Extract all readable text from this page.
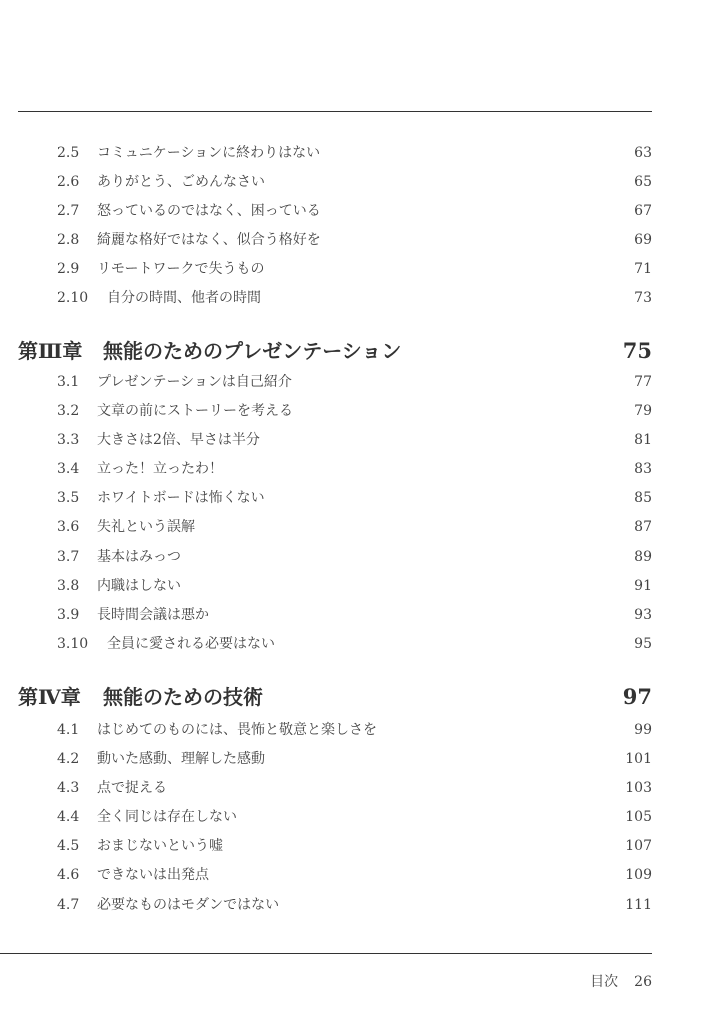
2.5 コミュニケーションに終わりはない	63
2.6 ありがとう、ごめんなさい	65
2.7 怒っているのではなく、困っている	67
2.8 綺麗な格好ではなく、似合う格好を	69
2.9 リモートワークで失うもの	71
2.10 自分の時間、他者の時間	73
第Ⅲ章 無能のためのプレゼンテーション	75
3.1 プレゼンテーションは自己紹介	77
3.2 文章の前にストーリーを考える	79
3.3 大きさは2倍、早さは半分	81
3.4 立った！立ったわ！	83
3.5 ホワイトボードは怖くない	85
3.6 失礼という誤解	87
3.7 基本はみっつ	89
3.8 内職はしない	91
3.9 長時間会議は悪か	93
3.10 全員に愛される必要はない	95
第Ⅳ章 無能のための技術	97
4.1 はじめてのものには、畏怖と敬意と楽しさを	99
4.2 動いた感動、理解した感動	101
4.3 点で捉える	103
4.4 全く同じは存在しない	105
4.5 おまじないという嘘	107
4.6 できないは出発点	109
4.7 必要なものはモダンではない	111
目次 26
